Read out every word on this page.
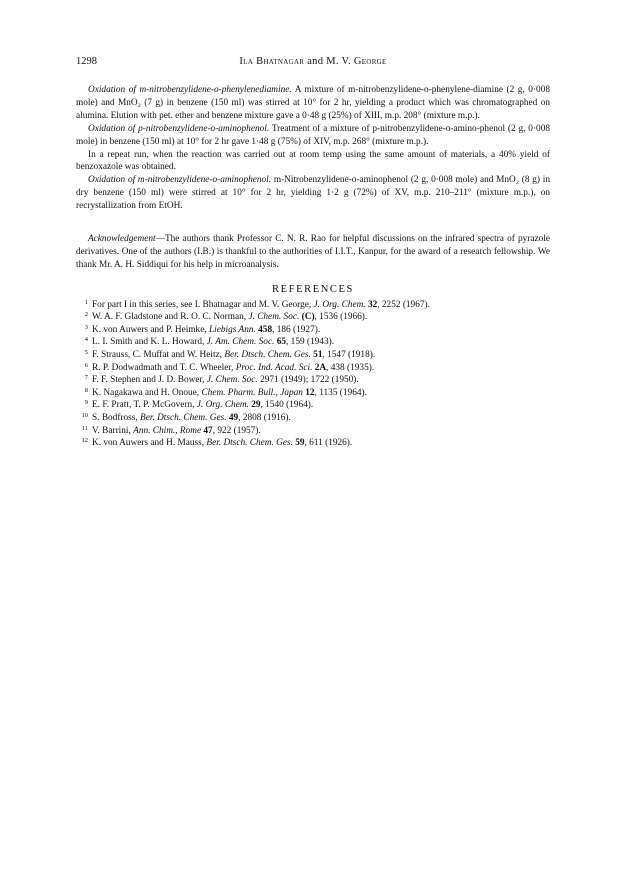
1298	Ila Bhatnagar and M. V. George

Oxidation of m-nitrobenzylidene-o-phenylenediamine. A mixture of m-nitrobenzylidene-o-phenylene-diamine (2 g, 0·008 mole) and MnO₂ (7 g) in benzene (150 ml) was stirred at 10° for 2 hr, yielding a product which was chromatographed on alumina. Elution with pet. ether and benzene mixture gave a 0·48 g (25%) of XIII, m.p. 208° (mixture m.p.).

Oxidation of p-nitrobenzylidene-o-aminophenol. Treatment of a mixture of p-nitrobenzylidene-o-amino-phenol (2 g, 0·008 mole) in benzene (150 ml) at 10° for 2 hr gave 1·48 g (75%) of XIV, m.p. 268° (mixture m.p.).

In a repeat run, when the reaction was carried out at room temp using the same amount of materials, a 40% yield of benzoxazole was obtained.

Oxidation of m-nitrobenzylidene-o-aminophenol. m-Nitrobenzylidene-o-aminophenol (2 g, 0·008 mole) and MnO₂ (8 g) in dry benzene (150 ml) were stirred at 10° for 2 hr, yielding 1·2 g (72%) of XV, m.p. 210–211° (mixture m.p.), on recrystallization from EtOH.

Acknowledgement—The authors thank Professor C. N. R. Rao for helpful discussions on the infrared spectra of pyrazole derivatives. One of the authors (I.B.) is thankful to the authorities of I.I.T., Kanpur, for the award of a research fellowship. We thank Mr. A. H. Siddiqui for his help in microanalysis.

REFERENCES
1 For part I in this series, see I. Bhatnagar and M. V. George, J. Org. Chem. 32, 2252 (1967).
2 W. A. F. Gladstone and R. O. C. Norman, J. Chem. Soc. (C), 1536 (1966).
3 K. von Auwers and P. Heimke, Liebigs Ann. 458, 186 (1927).
4 L. I. Smith and K. L. Howard, J. Am. Chem. Soc. 65, 159 (1943).
5 F. Strauss, C. Muffat and W. Heitz, Ber. Dtsch. Chem. Ges. 51, 1547 (1918).
6 R. P. Dodwadmath and T. C. Wheeler, Proc. Ind. Acad. Sci. 2A, 438 (1935).
7 F. F. Stephen and J. D. Bower, J. Chem. Soc. 2971 (1949); 1722 (1950).
8 K. Nagakawa and H. Onoue, Chem. Pharm. Bull., Japan 12, 1135 (1964).
9 E. F. Pratt, T. P. McGovern, J. Org. Chem. 29, 1540 (1964).
10 S. Bodfross, Ber. Dtsch. Chem. Ges. 49, 2808 (1916).
11 V. Barrini, Ann. Chim., Rome 47, 922 (1957).
12 K. von Auwers and H. Mauss, Ber. Dtsch. Chem. Ges. 59, 611 (1926).
